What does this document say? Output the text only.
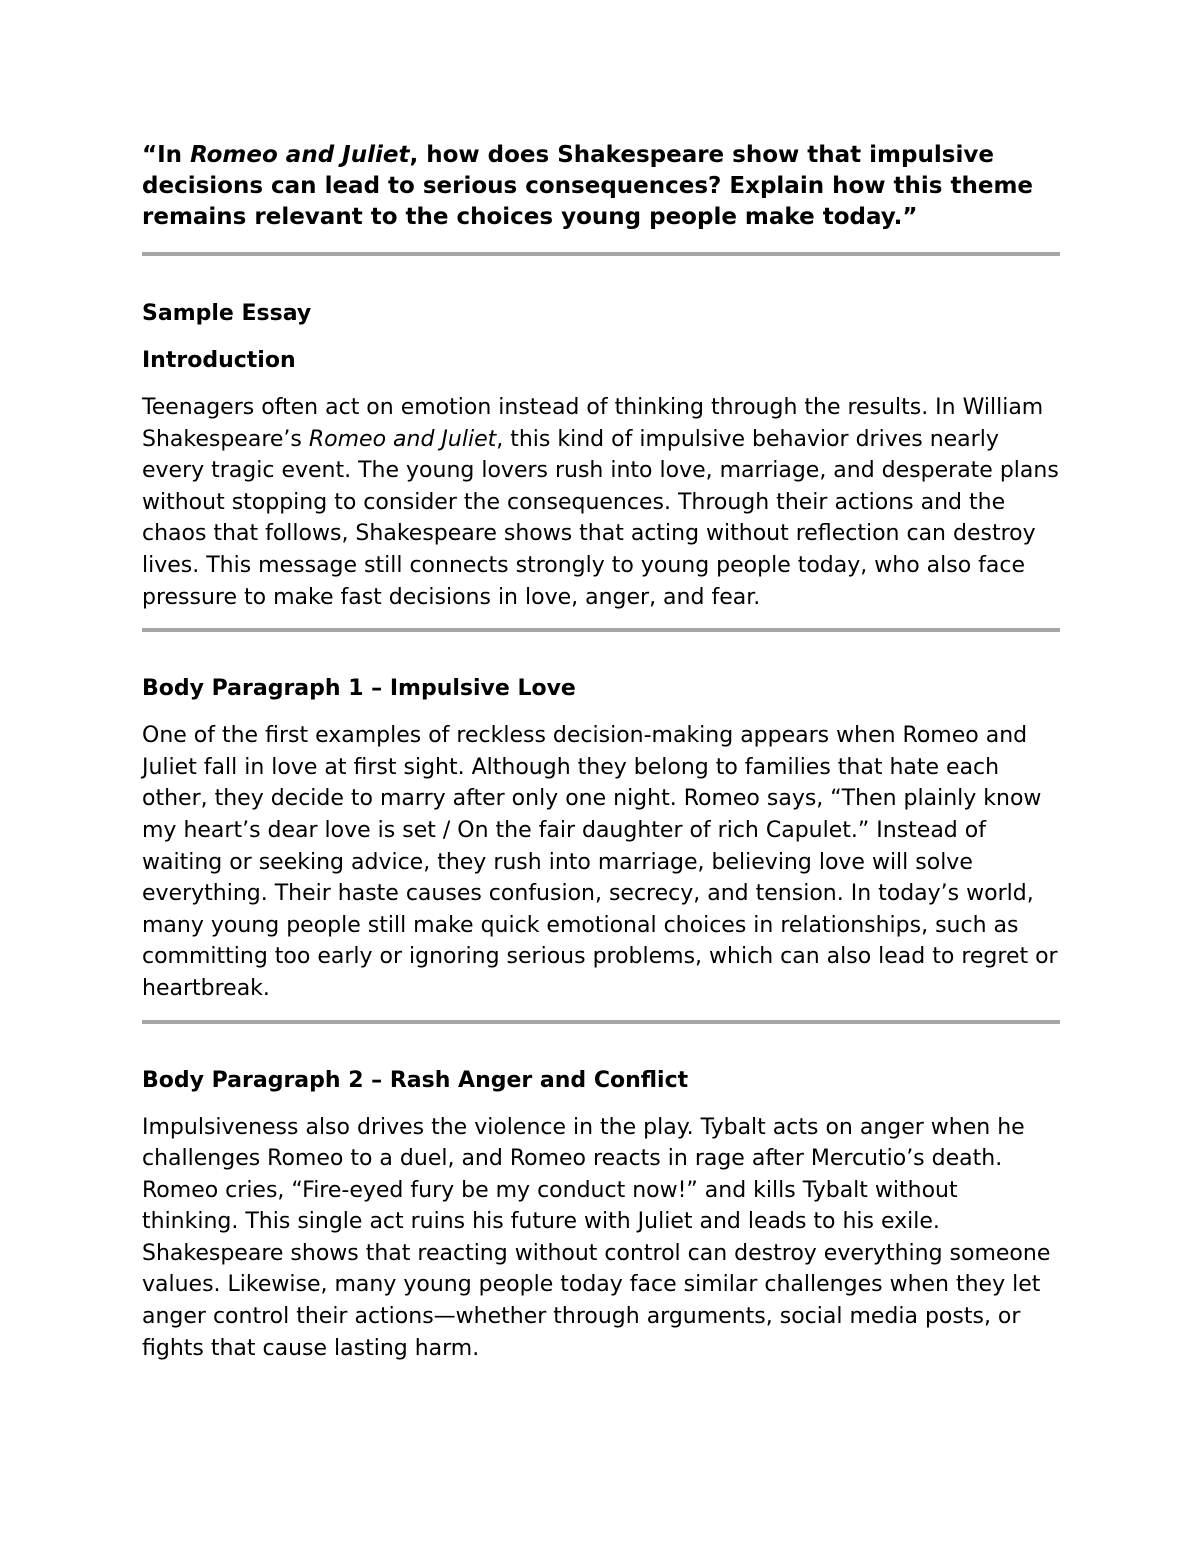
“In Romeo and Juliet, how does Shakespeare show that impulsive decisions can lead to serious consequences? Explain how this theme remains relevant to the choices young people make today.”

Sample Essay
Introduction

Teenagers often act on emotion instead of thinking through the results. In William Shakespeare’s Romeo and Juliet, this kind of impulsive behavior drives nearly every tragic event. The young lovers rush into love, marriage, and desperate plans without stopping to consider the consequences. Through their actions and the chaos that follows, Shakespeare shows that acting without reflection can destroy lives. This message still connects strongly to young people today, who also face pressure to make fast decisions in love, anger, and fear.

Body Paragraph 1 – Impulsive Love

One of the first examples of reckless decision-making appears when Romeo and Juliet fall in love at first sight. Although they belong to families that hate each other, they decide to marry after only one night. Romeo says, “Then plainly know my heart’s dear love is set / On the fair daughter of rich Capulet.” Instead of waiting or seeking advice, they rush into marriage, believing love will solve everything. Their haste causes confusion, secrecy, and tension. In today’s world, many young people still make quick emotional choices in relationships, such as committing too early or ignoring serious problems, which can also lead to regret or heartbreak.

Body Paragraph 2 – Rash Anger and Conflict

Impulsiveness also drives the violence in the play. Tybalt acts on anger when he challenges Romeo to a duel, and Romeo reacts in rage after Mercutio’s death. Romeo cries, “Fire-eyed fury be my conduct now!” and kills Tybalt without thinking. This single act ruins his future with Juliet and leads to his exile. Shakespeare shows that reacting without control can destroy everything someone values. Likewise, many young people today face similar challenges when they let anger control their actions—whether through arguments, social media posts, or fights that cause lasting harm.
